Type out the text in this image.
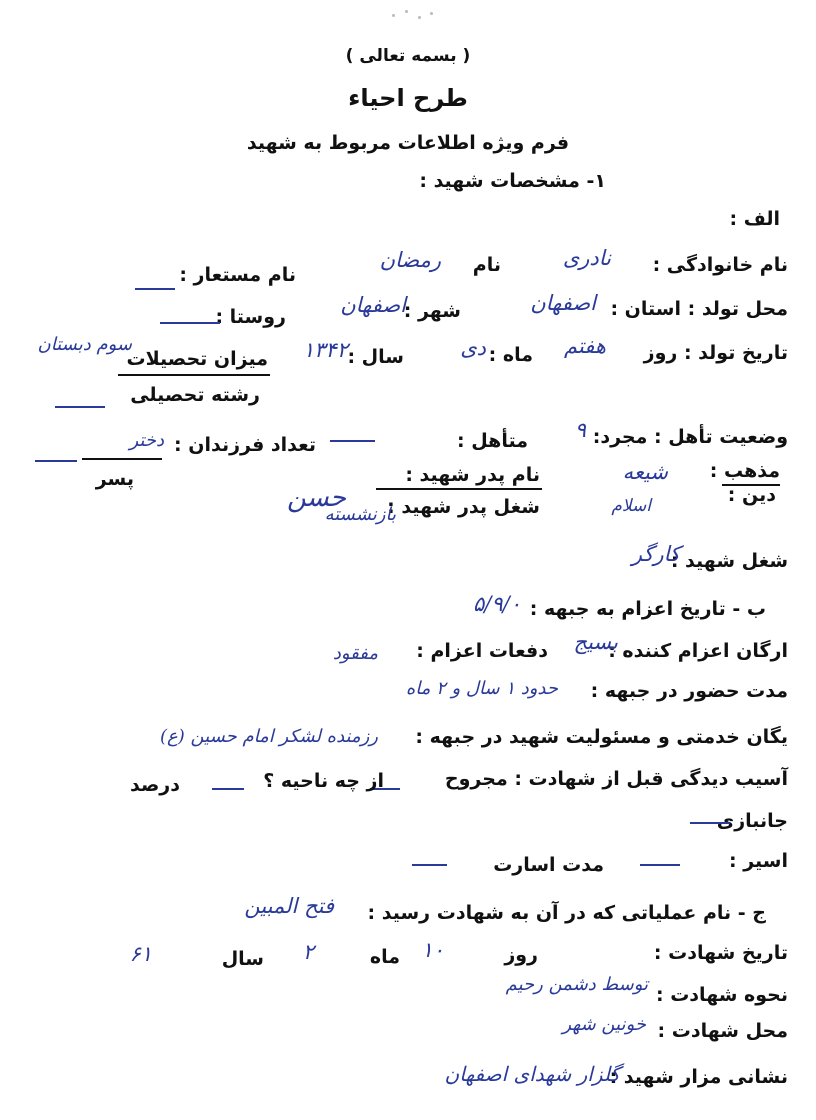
( بسمه تعالی )
طرح احیاء
فرم ویژه اطلاعات مربوط به شهید
١- مشخصات شهید :
الف :
نام خانوادگی :
نادری
نام
رمضان
نام مستعار :
محل تولد : استان :
اصفهان
شهر :
اصفهان
روستا :
تاریخ تولد : روز
هفتم
ماه :
دی
سال :
۱۳۴۲
میزان تحصیلات
سوم دبستان
رشته تحصیلی
وضعیت تأهل : مجرد:
٩
متأهل :
تعداد فرزندان :
دختر
پسر	مذهب :
دین :
شیعه
اسلام
نام پدر شهید :
حسن شغل پدر شهید :
بازنشسته
شغل شهید :
کارگر
ب - تاریخ اعزام به جبهه :
۵/۹/۰
ارگان اعزام کننده :
بسیج
دفعات اعزام :
مفقود
مدت حضور در جبهه :
حدود ۱ سال و ۲ ماه
یگان خدمتی و مسئولیت شهید در جبهه :
رزمنده لشکر امام حسین (ع)
آسیب دیدگی قبل از شهادت : مجروح
از چه ناحیه ؟
درصد
جانبازی
اسیر :
مدت اسارت
ج - نام عملیاتی که در آن به شهادت رسید :
فتح المبین
تاریخ شهادت :
روز
۱۰
ماه
۲
سال
۶۱
نحوه شهادت :
توسط دشمن رحیم
محل شهادت :
خونین شهر
نشانی مزار شهید :
گلزار شهدای اصفهان
